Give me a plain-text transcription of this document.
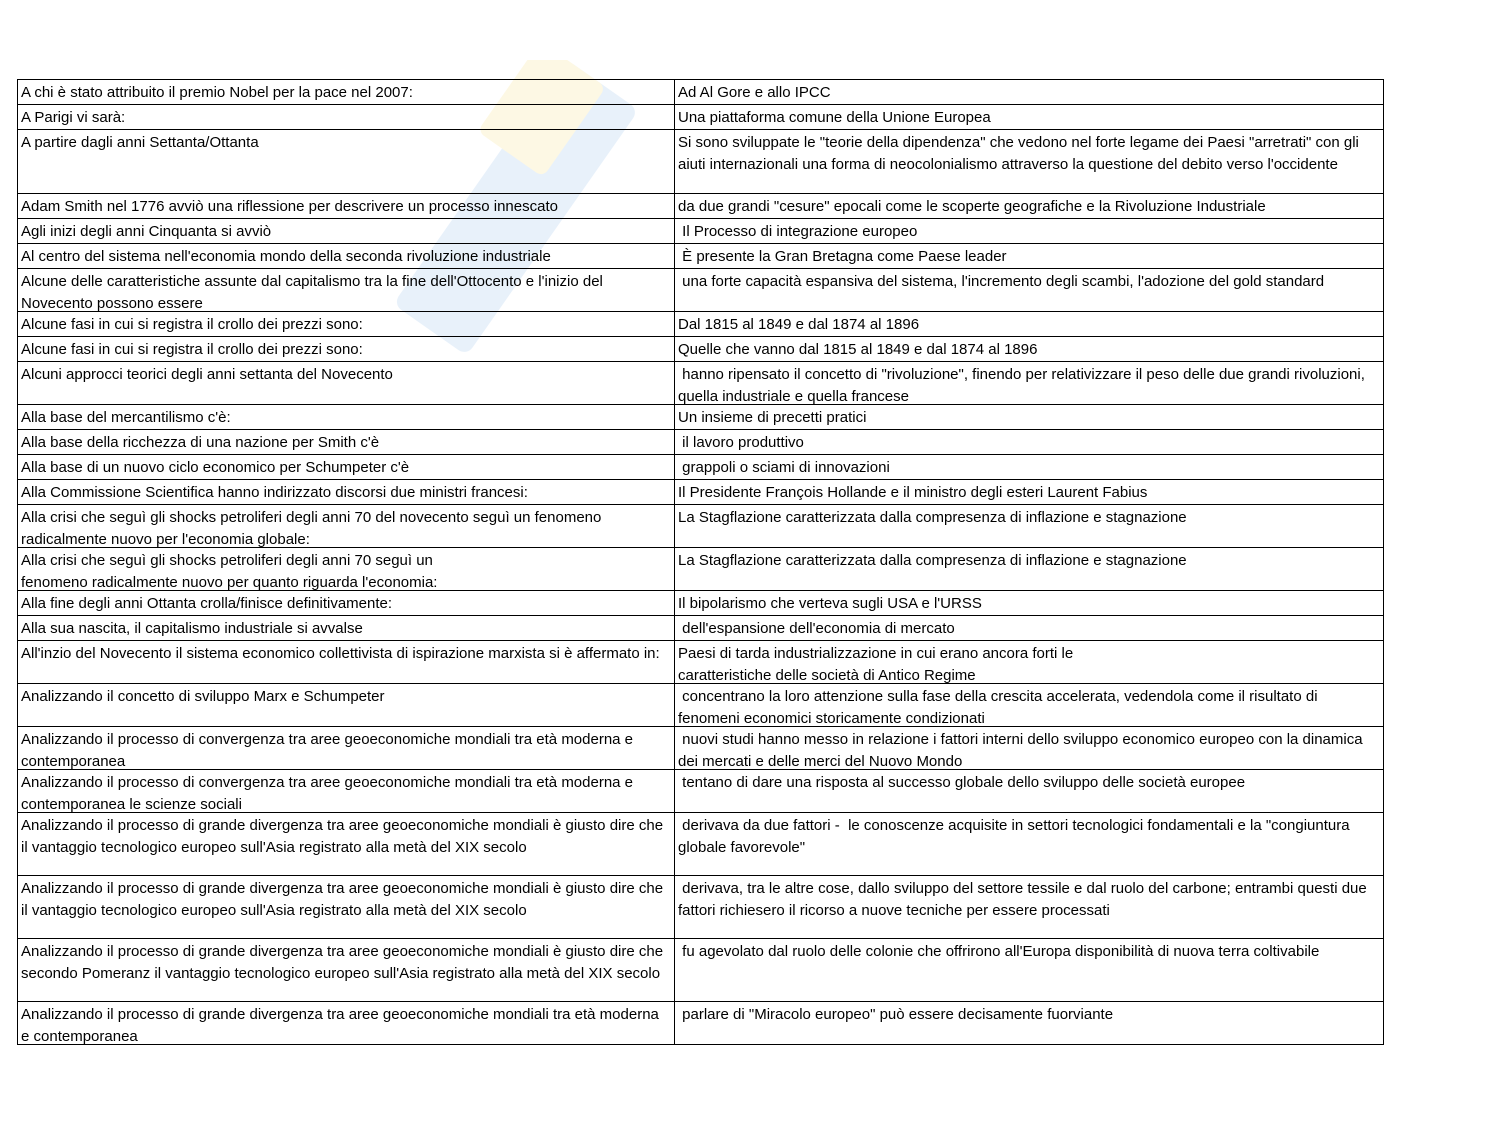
A chi è stato attribuito il premio Nobel per la pace nel 2007:	Ad Al Gore e allo IPCC

A Parigi vi sarà:	Una piattaforma comune della Unione Europea

A partire dagli anni Settanta/Ottanta	Si sono sviluppate le "teorie della dipendenza" che vedono nel forte legame dei Paesi "arretrati" con gli aiuti internazionali una forma di neocolonialismo attraverso la questione del debito verso l'occidente

Adam Smith nel 1776 avviò una riflessione per descrivere un processo innescato	da due grandi "cesure" epocali come le scoperte geografiche e la Rivoluzione Industriale

Agli inizi degli anni Cinquanta si avviò	Il Processo di integrazione europeo

Al centro del sistema nell'economia mondo della seconda rivoluzione industriale	È presente la Gran Bretagna come Paese leader

Alcune delle caratteristiche assunte dal capitalismo tra la fine dell'Ottocento e l'inizio del Novecento possono essere	una forte capacità espansiva del sistema, l'incremento degli scambi, l'adozione del gold standard

Alcune fasi in cui si registra il crollo dei prezzi sono:	Dal 1815 al 1849 e dal 1874 al 1896

Alcune fasi in cui si registra il crollo dei prezzi sono:	Quelle che vanno dal 1815 al 1849 e dal 1874 al 1896

Alcuni approcci teorici degli anni settanta del Novecento	hanno ripensato il concetto di "rivoluzione", finendo per relativizzare il peso delle due grandi rivoluzioni, quella industriale e quella francese

Alla base del mercantilismo c'è:	Un insieme di precetti pratici

Alla base della ricchezza di una nazione per Smith c'è	il lavoro produttivo

Alla base di un nuovo ciclo economico per Schumpeter c'è	grappoli o sciami di innovazioni

Alla Commissione Scientifica hanno indirizzato discorsi due ministri francesi:	Il Presidente François Hollande e il ministro degli esteri Laurent Fabius

Alla crisi che seguì gli shocks petroliferi degli anni 70 del novecento seguì un fenomeno radicalmente nuovo per l'economia globale:	La Stagflazione caratterizzata dalla compresenza di inflazione e stagnazione

Alla crisi che seguì gli shocks petroliferi degli anni 70 seguì un
fenomeno radicalmente nuovo per quanto riguarda l'economia:	La Stagflazione caratterizzata dalla compresenza di inflazione e stagnazione

Alla fine degli anni Ottanta crolla/finisce definitivamente:	Il bipolarismo che verteva sugli USA e l'URSS

Alla sua nascita, il capitalismo industriale si avvalse	dell'espansione dell'economia di mercato

All'inzio del Novecento il sistema economico collettivista di ispirazione marxista si è affermato in:	Paesi di tarda industrializzazione in cui erano ancora forti le
caratteristiche delle società di Antico Regime

Analizzando il concetto di sviluppo Marx e Schumpeter	concentrano la loro attenzione sulla fase della crescita accelerata, vedendola come il risultato di fenomeni economici storicamente condizionati

Analizzando il processo di convergenza tra aree geoeconomiche mondiali tra età moderna e contemporanea	nuovi studi hanno messo in relazione i fattori interni dello sviluppo economico europeo con la dinamica dei mercati e delle merci del Nuovo Mondo

Analizzando il processo di convergenza tra aree geoeconomiche mondiali tra età moderna e contemporanea le scienze sociali	tentano di dare una risposta al successo globale dello sviluppo delle società europee

Analizzando il processo di grande divergenza tra aree geoeconomiche mondiali è giusto dire che il vantaggio tecnologico europeo sull'Asia registrato alla metà del XIX secolo	derivava da due fattori -  le conoscenze acquisite in settori tecnologici fondamentali e la "congiuntura globale favorevole"

Analizzando il processo di grande divergenza tra aree geoeconomiche mondiali è giusto dire che il vantaggio tecnologico europeo sull'Asia registrato alla metà del XIX secolo	derivava, tra le altre cose, dallo sviluppo del settore tessile e dal ruolo del carbone; entrambi questi due fattori richiesero il ricorso a nuove tecniche per essere processati

Analizzando il processo di grande divergenza tra aree geoeconomiche mondiali è giusto dire che secondo Pomeranz il vantaggio tecnologico europeo sull'Asia registrato alla metà del XIX secolo	fu agevolato dal ruolo delle colonie che offrirono all'Europa disponibilità di nuova terra coltivabile

Analizzando il processo di grande divergenza tra aree geoeconomiche mondiali tra età moderna e contemporanea	parlare di "Miracolo europeo" può essere decisamente fuorviante
